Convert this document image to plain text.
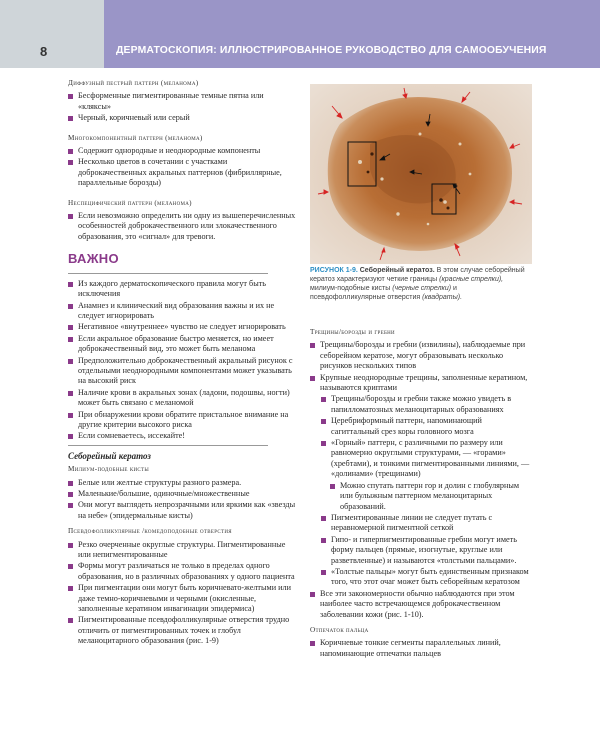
8	ДЕРМАТОСКОПИЯ: ИЛЛЮСТРИРОВАННОЕ РУКОВОДСТВО ДЛЯ САМООБУЧЕНИЯ
Диффузный пестрый паттерн (меланома)
Бесформенные пигментированные темные пятна или «кляксы»
Черный, коричневый или серый
Многокомпонентный паттерн (меланома)
Содержит однородные и неоднородные компоненты
Несколько цветов в сочетании с участками доброкачественных акральных паттернов (фибриллярные, параллельные борозды)
Неспецифический паттерн (меланома)
Если невозможно определить ни одну из вышеперечисленных особенностей доброкачественного или злокачественного образования, это «сигнал» для тревоги.
ВАЖНО
Из каждого дерматоскопического правила могут быть исключения
Анамнез и клинический вид образования важны и их не следует игнорировать
Негативное «внутреннее» чувство не следует игнорировать
Если акральное образование быстро меняется, но имеет доброкачественный вид, это может быть меланома
Предположительно доброкачественный акральный рисунок с отдельными неоднородными компонентами может указывать на высокий риск
Наличие крови в акральных зонах (ладони, подошвы, ногти) может быть связано с меланомой
При обнаружении крови обратите пристальное внимание на другие критерии высокого риска
Если сомневаетесь, иссекайте!
Себорейный кератоз
Милиум-подобные кисты
Белые или желтые структуры разного размера.
Маленькие/большие, одиночные/множественные
Они могут выглядеть непрозрачными или яркими как «звезды на небе» (эпидермальные кисты)
Псевдофолликулярные /комедоподобные отверстия
Резко очерченные округлые структуры. Пигментированные или непигментированные
Формы могут различаться не только в пределах одного образования, но в различных образованиях у одного пациента
При пигментации они могут быть коричневато-желтыми или даже темно-коричневыми и черными (окисленные, заполненные кератином инвагинации эпидермиса)
Пигментированные псевдофолликулярные отверстия трудно отличить от пигментированных точек и глобул меланоцитарного образования (рис. 1-9)
РИСУНОК 1-9. Себорейный кератоз. В этом случае себорейный кератоз характеризуют четкие границы (красные стрелки), милиум-подобные кисты (черные стрелки) и псевдофолликулярные отверстия (квадраты).
Трещины/борозды и гребни
Трещины/борозды и гребни (извилины), наблюдаемые при себорейном кератозе, могут образовывать несколько рисунков нескольких типов
Крупные неоднородные трещины, заполненные кератином, называются криптами
Трещины/борозды и гребни также можно увидеть в папилломатозных меланоцитарных образованиях
Церебриформный паттерн, напоминающий сагиттальный срез коры головного мозга
«Горный» паттерн, с различными по размеру или равномерно округлыми структурами, — «горами» (хребтами), и тонкими пигментированными линиями, — «долинами» (трещинами)
Можно спутать паттерн гор и долин с глобулярным или булыжным паттерном меланоцитарных образований.
Пигментированные линии не следует путать с неравномерной пигментной сеткой
Гипо- и гиперпигментированные гребни могут иметь форму пальцев (прямые, изогнутые, круглые или разветвленные) и называются «толстыми пальцами».
«Толстые пальцы» могут быть единственным признаком того, что этот очаг может быть себорейным кератозом
Все эти закономерности обычно наблюдаются при этом наиболее часто встречающемся доброкачественном заболевании кожи (рис. 1-10).
Отпечаток пальца
Коричневые тонкие сегменты параллельных линий, напоминающие отпечатки пальцев
